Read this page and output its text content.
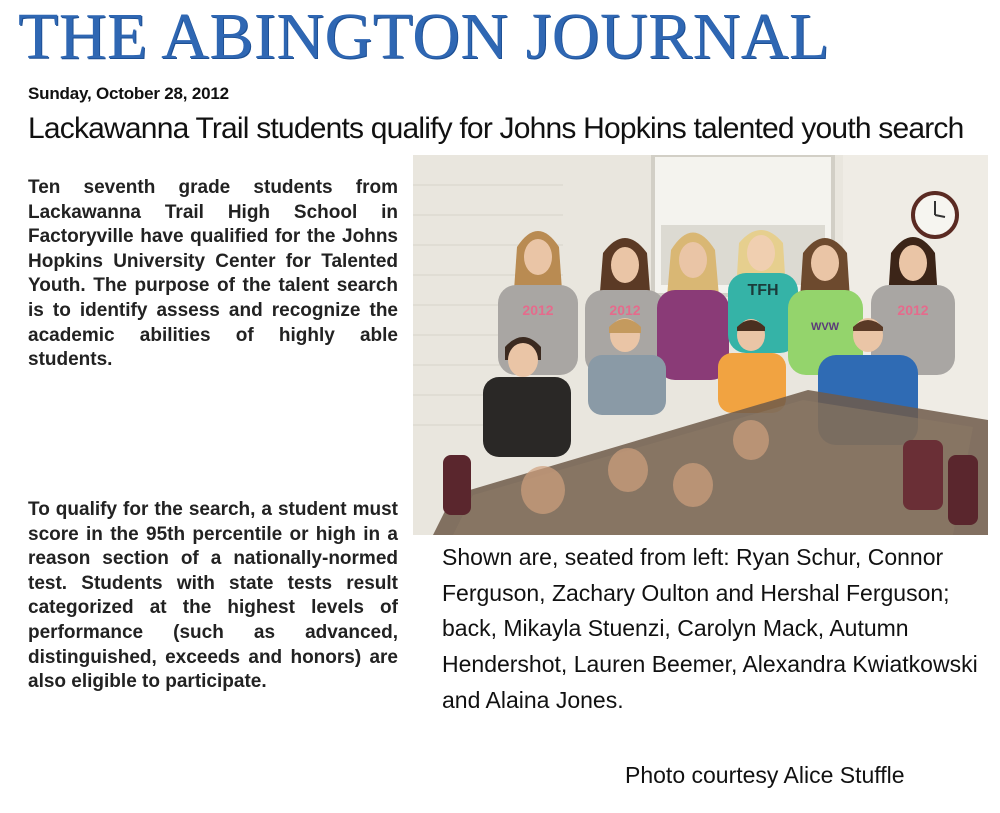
THE ABINGTON JOURNAL
Sunday, October 28, 2012
Lackawanna Trail students qualify for Johns Hopkins talented youth search

Ten seventh grade students from Lackawanna Trail High School in Factoryville have qualified for the Johns Hopkins University Center for Talented Youth. The purpose of the talent search is to identify assess and recognize the academic abilities of highly able students.

To qualify for the search, a student must score in the 95th percentile or high in a reason section of a nationally-normed test. Students with state tests result categorized at the highest levels of performance (such as advanced, distinguished, exceeds and honors) are also eligible to participate.

2012	2012
TFH
WVW
2012

Shown are, seated from left: Ryan Schur, Connor Ferguson, Zachary Oulton and Hershal Ferguson;
back, Mikayla Stuenzi, Carolyn Mack, Autumn Hendershot, Lauren Beemer, Alexandra Kwiatkowski and Alaina Jones.

Photo courtesy Alice Stuffle
